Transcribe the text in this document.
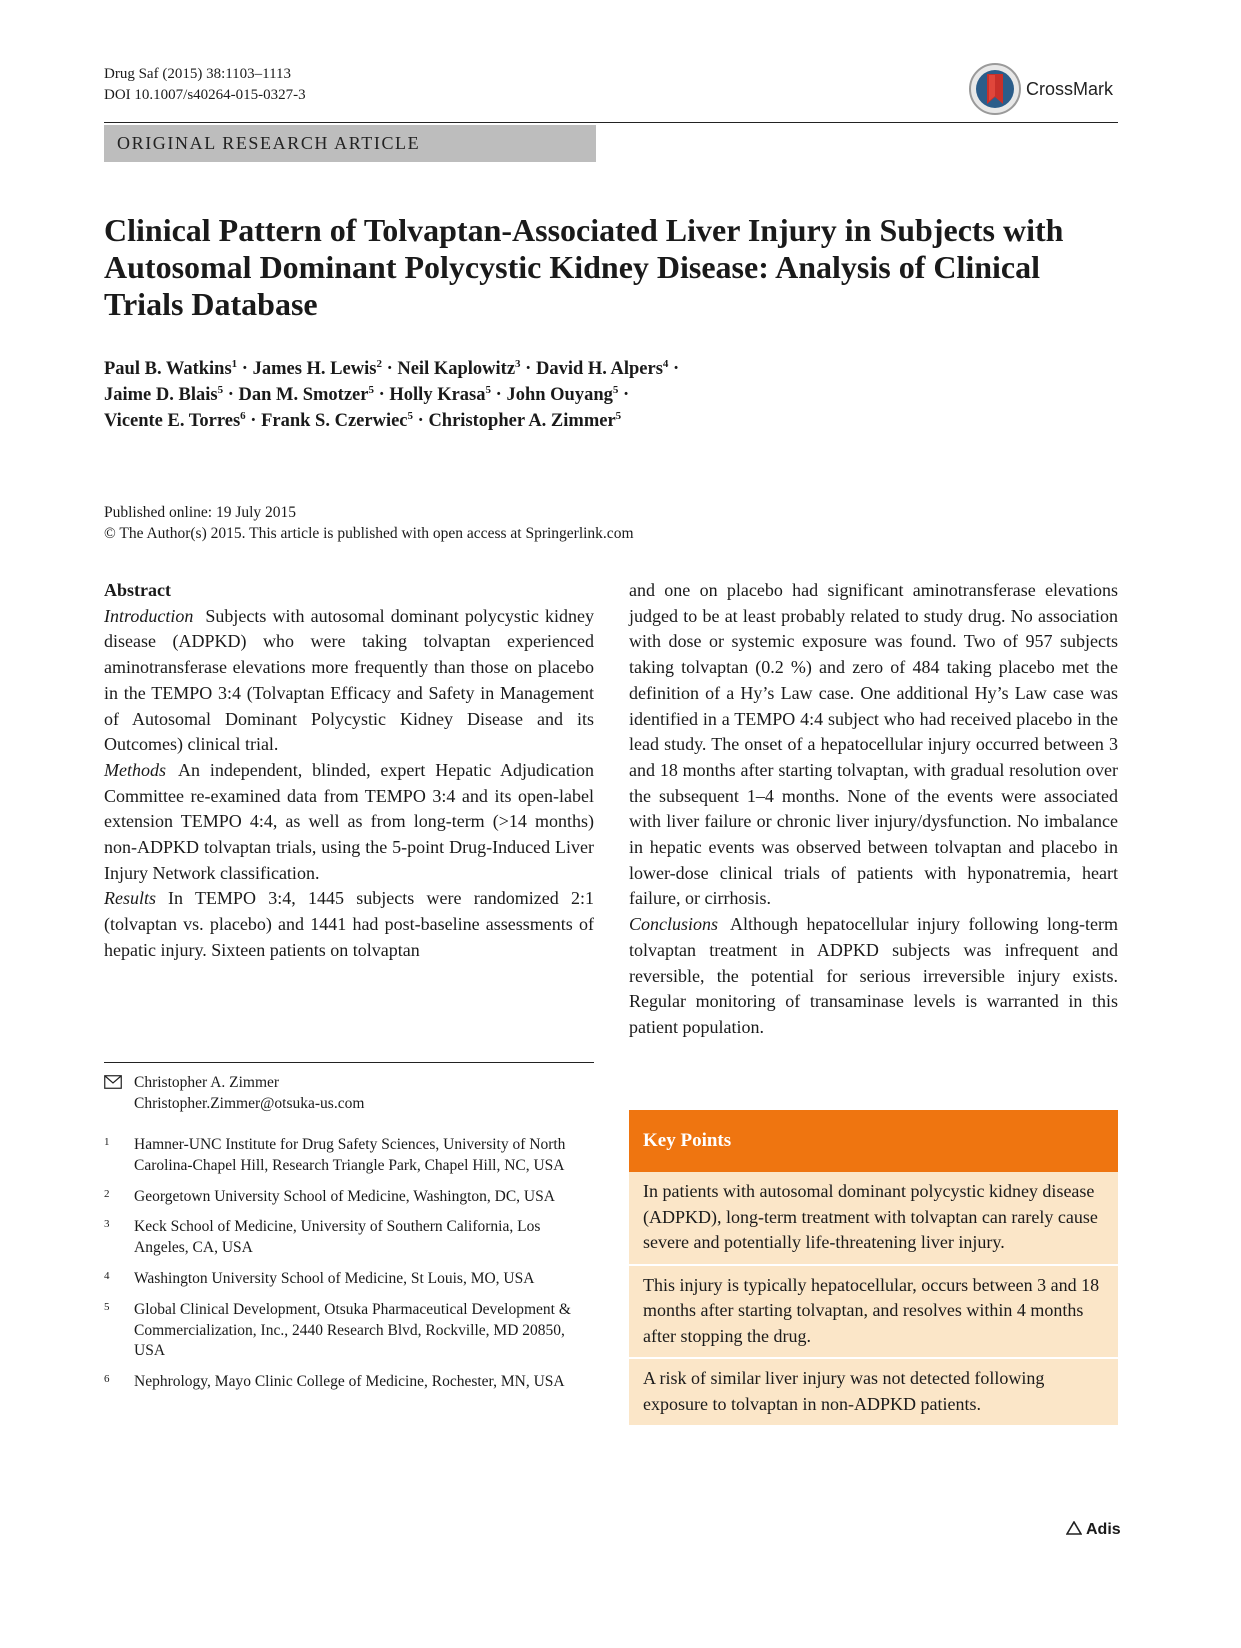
Drug Saf (2015) 38:1103–1113
DOI 10.1007/s40264-015-0327-3	CrossMark
ORIGINAL RESEARCH ARTICLE
Clinical Pattern of Tolvaptan-Associated Liver Injury in Subjects with Autosomal Dominant Polycystic Kidney Disease: Analysis of Clinical Trials Database
Paul B. Watkins$^1$ · James H. Lewis$^2$ · Neil Kaplowitz$^3$ · David H. Alpers$^4$ ·
Jaime D. Blais$^5$ · Dan M. Smotzer$^5$ · Holly Krasa$^5$ · John Ouyang$^5$ ·
Vicente E. Torres$^6$ · Frank S. Czerwiec$^5$ · Christopher A. Zimmer$^5$
Published online: 19 July 2015
© The Author(s) 2015. This article is published with open access at Springerlink.com
Abstract

Introduction Subjects with autosomal dominant polycystic kidney disease (ADPKD) who were taking tolvaptan experienced aminotransferase elevations more frequently than those on placebo in the TEMPO 3:4 (Tolvaptan Efficacy and Safety in Management of Autosomal Dominant Polycystic Kidney Disease and its Outcomes) clinical trial.

Methods An independent, blinded, expert Hepatic Adjudication Committee re-examined data from TEMPO 3:4 and its open-label extension TEMPO 4:4, as well as from long-term (>14 months) non-ADPKD tolvaptan trials, using the 5-point Drug-Induced Liver Injury Network classification.

Results In TEMPO 3:4, 1445 subjects were randomized 2:1 (tolvaptan vs. placebo) and 1441 had post-baseline assessments of hepatic injury. Sixteen patients on tolvaptan

and one on placebo had significant aminotransferase elevations judged to be at least probably related to study drug. No association with dose or systemic exposure was found. Two of 957 subjects taking tolvaptan (0.2 %) and zero of 484 taking placebo met the definition of a Hy’s Law case. One additional Hy’s Law case was identified in a TEMPO 4:4 subject who had received placebo in the lead study. The onset of a hepatocellular injury occurred between 3 and 18 months after starting tolvaptan, with gradual resolution over the subsequent 1–4 months. None of the events were associated with liver failure or chronic liver injury/dysfunction. No imbalance in hepatic events was observed between tolvaptan and placebo in lower-dose clinical trials of patients with hyponatremia, heart failure, or cirrhosis.

Conclusions Although hepatocellular injury following long-term tolvaptan treatment in ADPKD subjects was infrequent and reversible, the potential for serious irreversible injury exists. Regular monitoring of transaminase levels is warranted in this patient population.

Christopher A. Zimmer
Christopher.Zimmer@otsuka-us.com
1 Hamner-UNC Institute for Drug Safety Sciences, University of North Carolina-Chapel Hill, Research Triangle Park, Chapel Hill, NC, USA
2 Georgetown University School of Medicine, Washington, DC, USA
3 Keck School of Medicine, University of Southern California, Los Angeles, CA, USA
4 Washington University School of Medicine, St Louis, MO, USA
5 Global Clinical Development, Otsuka Pharmaceutical Development & Commercialization, Inc., 2440 Research Blvd, Rockville, MD 20850, USA
6 Nephrology, Mayo Clinic College of Medicine, Rochester, MN, USA
Key Points
In patients with autosomal dominant polycystic kidney disease (ADPKD), long-term treatment with tolvaptan can rarely cause severe and potentially life-threatening liver injury.
This injury is typically hepatocellular, occurs between 3 and 18 months after starting tolvaptan, and resolves within 4 months after stopping the drug.
A risk of similar liver injury was not detected following exposure to tolvaptan in non-ADPKD patients.
Adis
